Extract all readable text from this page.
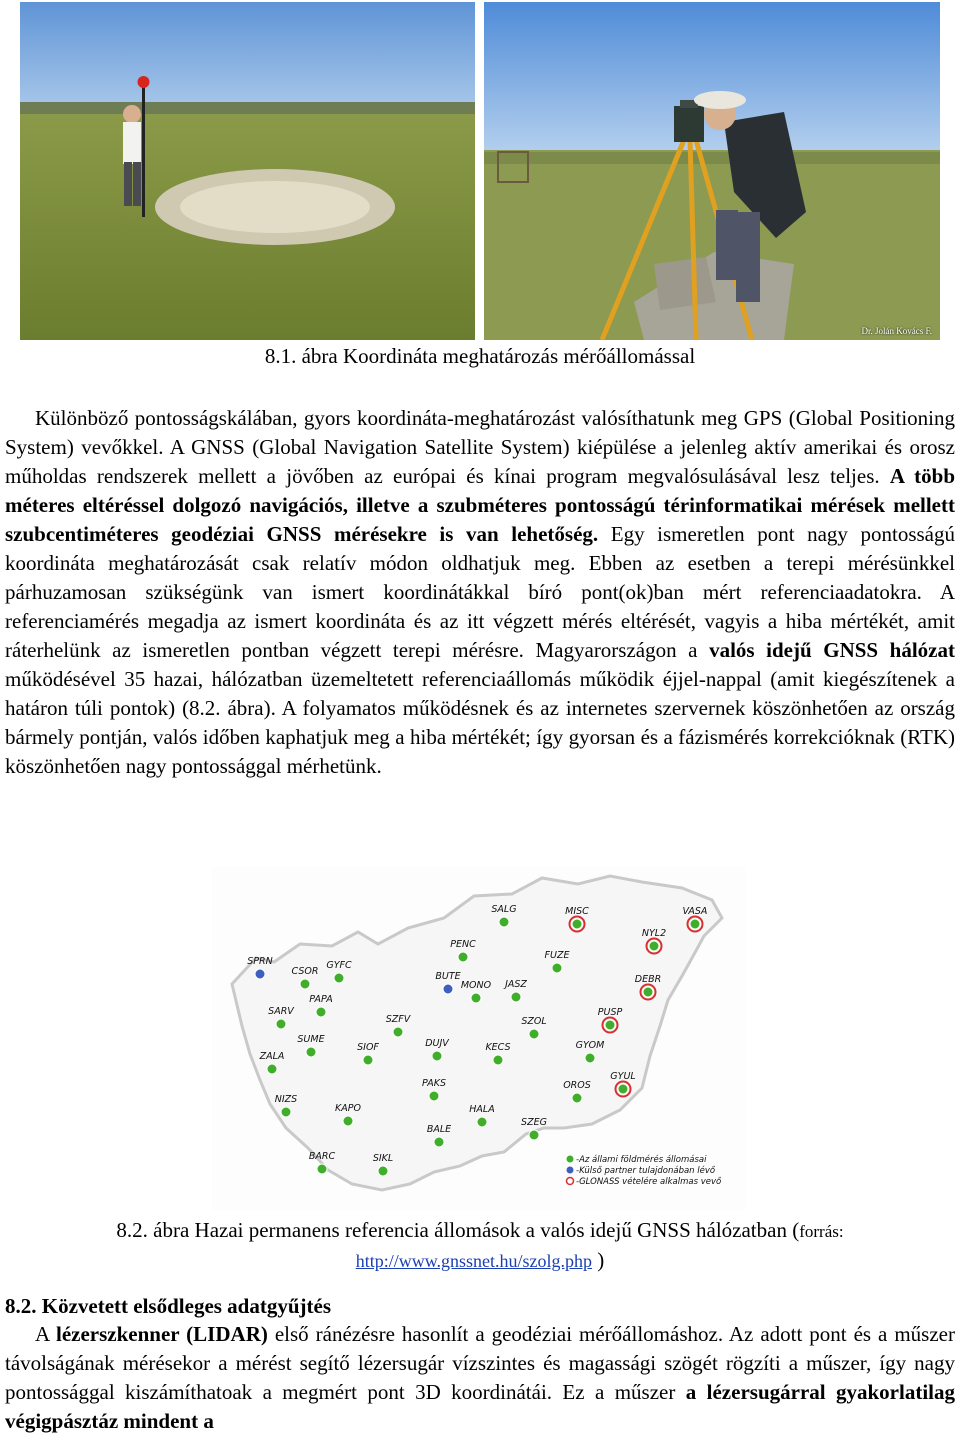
Dr. Jolán Kovács F.
8.1. ábra Koordináta meghatározás mérőállomással

Különböző pontosságskálában, gyors koordináta-meghatározást valósíthatunk meg GPS (Global Positioning System) vevőkkel. A GNSS (Global Navigation Satellite System) kiépülése a jelenleg aktív amerikai és orosz műholdas rendszerek mellett a jövőben az európai és kínai program megvalósulásával lesz teljes. A több méteres eltéréssel dolgozó navigációs, illetve a szubméteres pontosságú térinformatikai mérések mellett szubcentiméteres geodéziai GNSS mérésekre is van lehetőség. Egy ismeretlen pont nagy pontosságú koordináta meghatározását csak relatív módon oldhatjuk meg. Ebben az esetben a terepi mérésünkkel párhuzamosan szükségünk van ismert koordinátákkal bíró pont(ok)ban mért referenciaadatokra. A referenciamérés megadja az ismert koordináta és az itt végzett mérés eltérését, vagyis a hiba mértékét, amit ráterhelünk az ismeretlen pontban végzett terepi mérésre. Magyarországon a valós idejű GNSS hálózat működésével 35 hazai, hálózatban üzemeltetett referenciaállomás működik éjjel-nappal (amit kiegészítenek a határon túli pontok) (8.2. ábra). A folyamatos működésnek és az internetes szervernek köszönhetően az ország bármely pontján, valós időben kaphatjuk meg a hiba mértékét; így gyorsan és a fázismérés korrekcióknak (RTK) köszönhetően nagy pontossággal mérhetünk.

SALG	MISC	VASA
NYL2
SPRN
CSOR
GYFC
PENC
FUZE
BUTE
MONO JASZ	DEBR
PAPA
SARV
SZFV
PUSP
SZOL
SUME
ZALA
SIOF	DUJV	KECS	GYOM
PAKS	OROS
GYUL
NIZS
KAPO	HALA
SZEG
BALE
BARC	SIKL	-Az állami földmérés állomásai
-Külső partner tulajdonában lévő
-GLONASS vételére alkalmas vevő
8.2. ábra Hazai permanens referencia állomások a valós idejű GNSS hálózatban (forrás:
http://www.gnssnet.hu/szolg.php )
8.2. Közvetett elsődleges adatgyűjtés

A lézerszkenner (LIDAR) első ránézésre hasonlít a geodéziai mérőállomáshoz. Az adott pont és a műszer távolságának mérésekor a mérést segítő lézersugár vízszintes és magassági szögét rögzíti a műszer, így nagy pontossággal kiszámíthatoak a megmért pont 3D koordinátái. Ez a műszer a lézersugárral gyakorlatilag végigpásztáz mindent a
